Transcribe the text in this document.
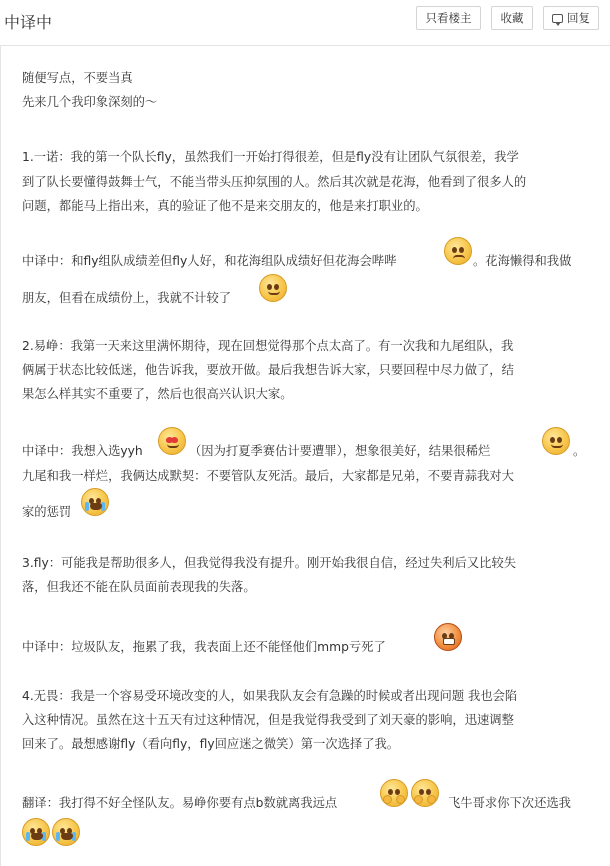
中译中	只看楼主	收藏	回复
随便写点，不要当真
先来几个我印象深刻的～
1.一诺：我的第一个队长fly，虽然我们一开始打得很差，但是fly没有让团队气氛很差，我学
到了队长要懂得鼓舞士气，不能当带头压抑氛围的人。然后其次就是花海，他看到了很多人的
问题，都能马上指出来，真的验证了他不是来交朋友的，他是来打职业的。
中译中：和fly组队成绩差但fly人好，和花海组队成绩好但花海会哔哔	。花海懒得和我做
朋友，但看在成绩份上，我就不计较了
2.易峥：我第一天来这里满怀期待，现在回想觉得那个点太高了。有一次我和九尾组队，我
俩属于状态比较低迷，他告诉我，要放开做。最后我想告诉大家，只要回程中尽力做了，结
果怎么样其实不重要了，然后也很高兴认识大家。
中译中：我想入选yyh	（因为打夏季赛估计要遭罪），想象很美好，结果很稀烂	。
九尾和我一样烂，我俩达成默契：不要管队友死活。最后，大家都是兄弟，不要青蒜我对大
家的惩罚
3.fly：可能我是帮助很多人，但我觉得我没有提升。刚开始我很自信，经过失利后又比较失
落，但我还不能在队员面前表现我的失落。
中译中：垃圾队友，拖累了我，我表面上还不能怪他们mmp亏死了
4.无畏：我是一个容易受环境改变的人，如果我队友会有急躁的时候或者出现问题 我也会陷
入这种情况。虽然在这十五天有过这种情况，但是我觉得我受到了刘天豪的影响，迅速调整
回来了。最想感谢fly（看向fly，fly回应迷之微笑）第一次选择了我。
翻译：我打得不好全怪队友。易峥你要有点b数就离我远点	飞牛哥求你下次还选我
